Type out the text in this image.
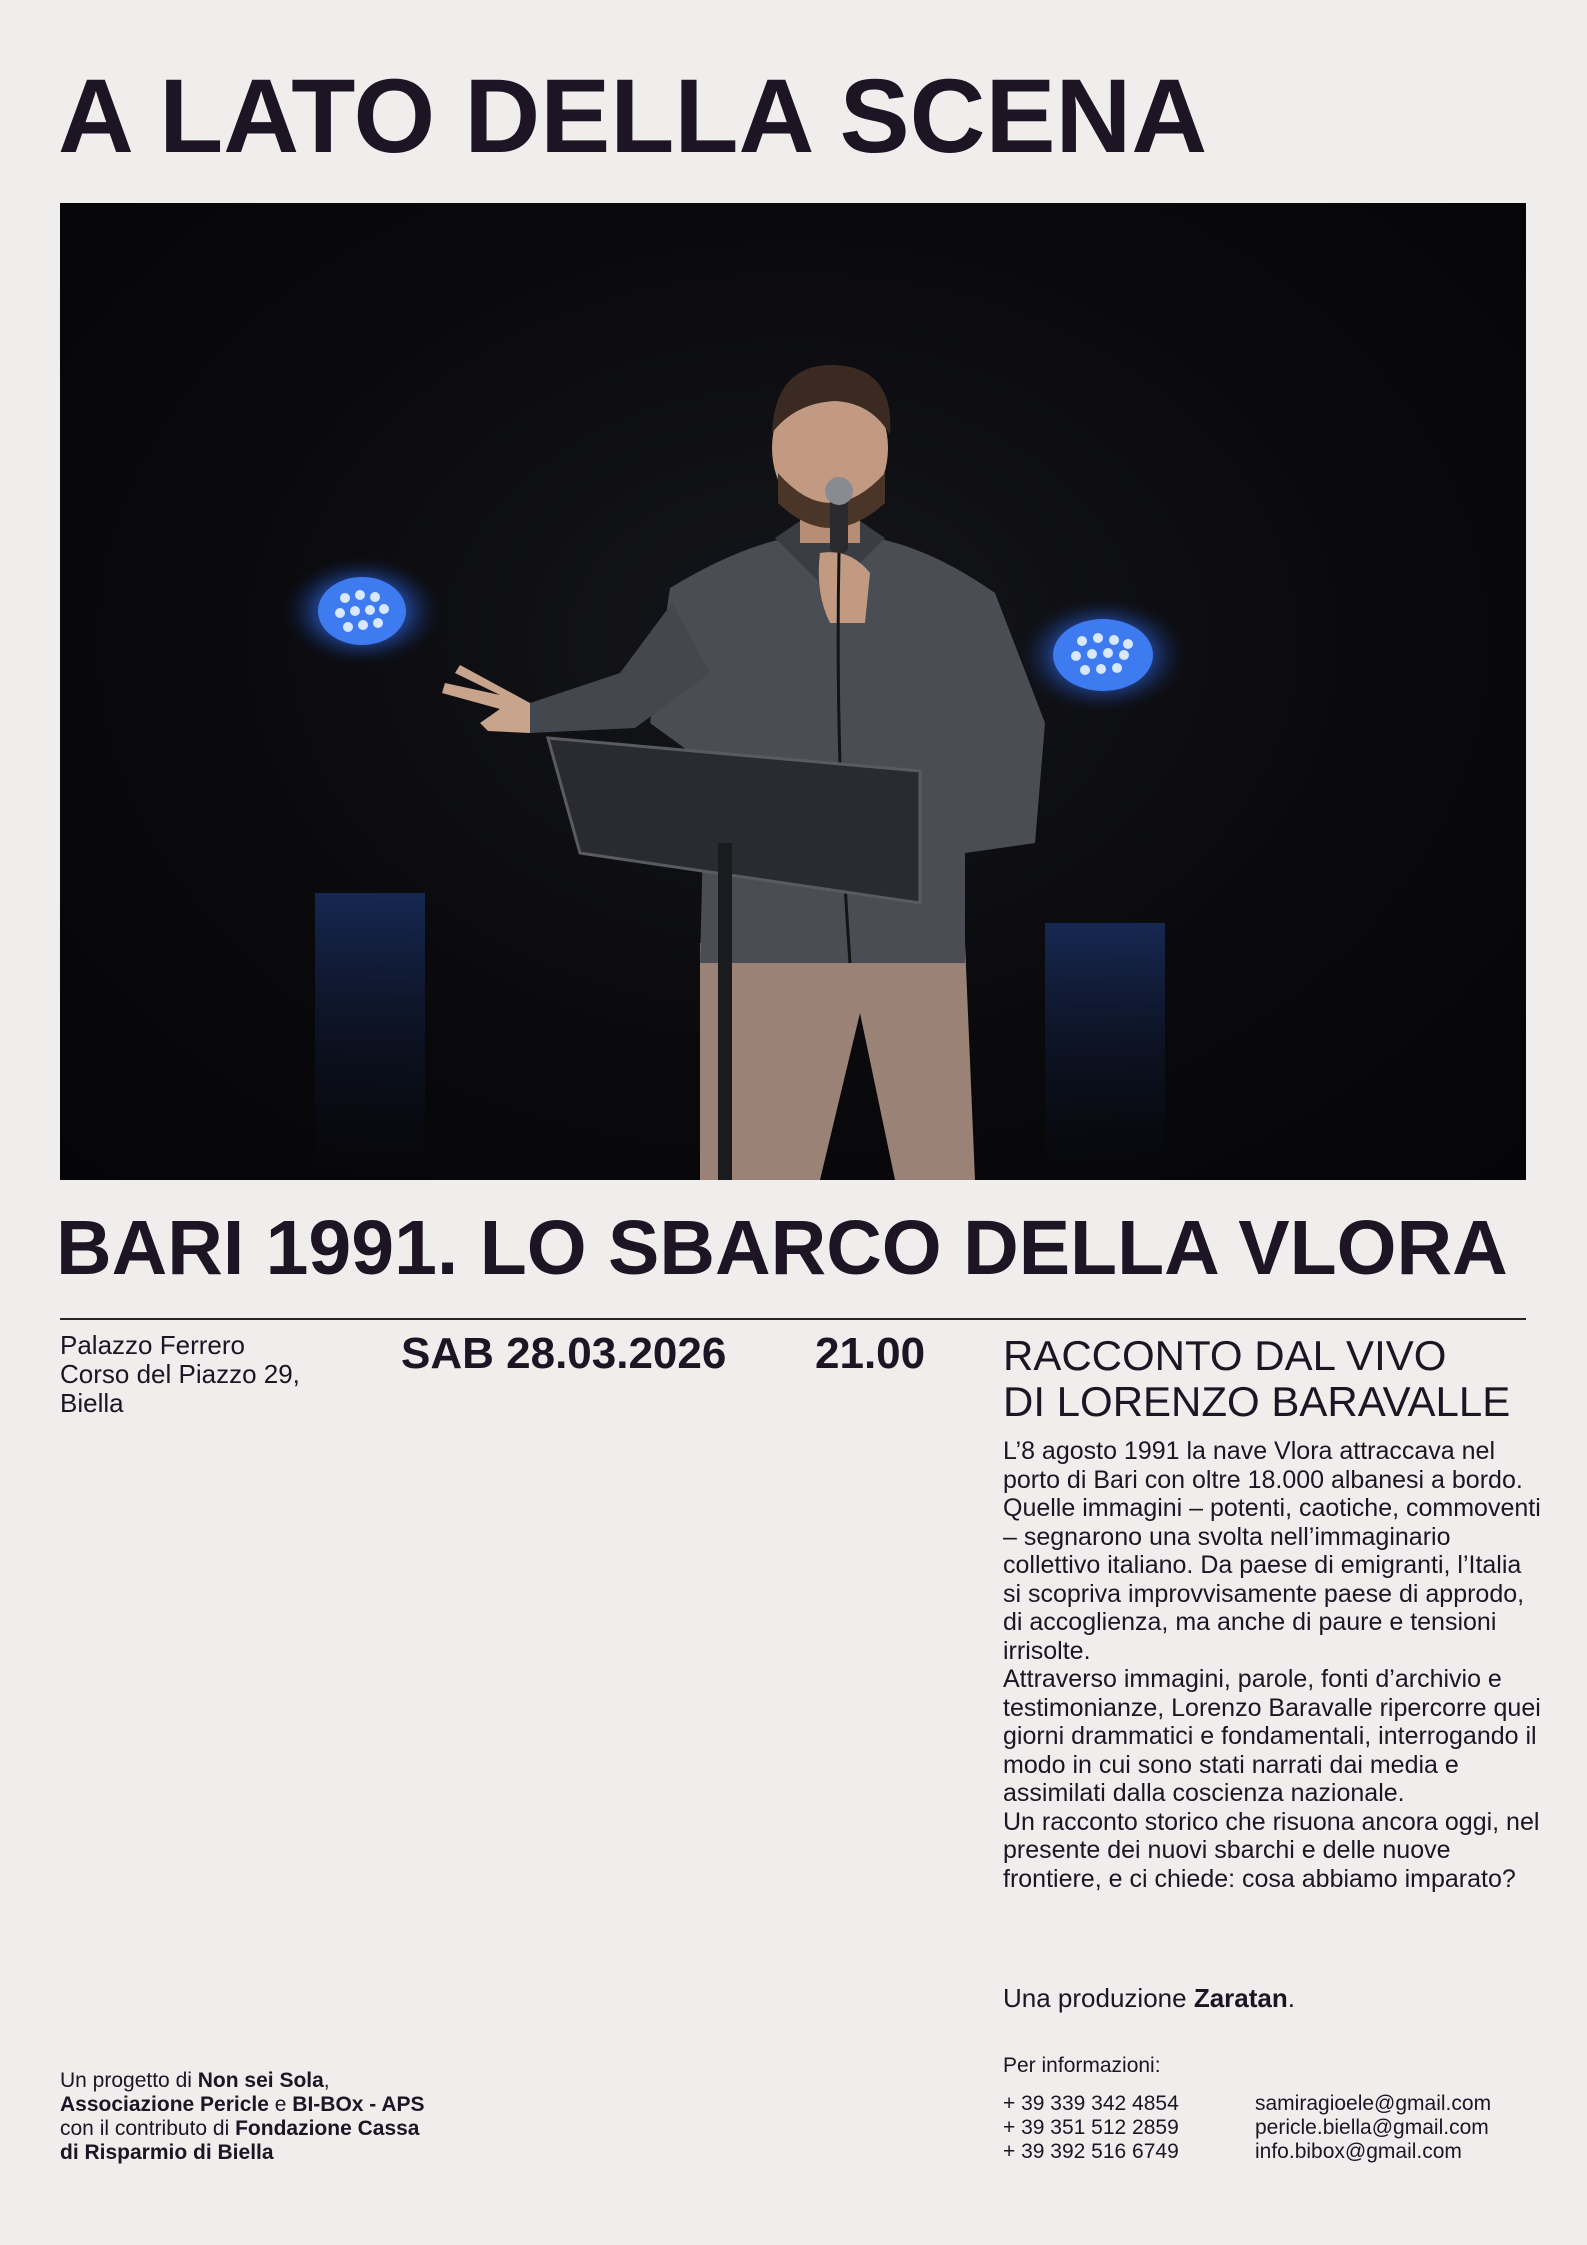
A LATO DELLA SCENA
BARI 1991. LO SBARCO DELLA VLORA
Palazzo Ferrero
Corso del Piazzo 29,
Biella
SAB 28.03.2026 21.00 RACCONTO DAL VIVO
DI LORENZO BARAVALLE

L’8 agosto 1991 la nave Vlora attraccava nel porto di Bari con oltre 18.000 albanesi a bordo. Quelle immagini – potenti, caotiche, commoventi – segnarono una svolta nell’immaginario collettivo italiano. Da paese di emigranti, l’Italia si scopriva improvvisamente paese di approdo, di accoglienza, ma anche di paure e tensioni irrisolte.

Attraverso immagini, parole, fonti d’archivio e testimonianze, Lorenzo Baravalle ripercorre quei giorni drammatici e fondamentali, interrogando il modo in cui sono stati narrati dai media e assimilati dalla coscienza nazionale.

Un racconto storico che risuona ancora oggi, nel presente dei nuovi sbarchi e delle nuove frontiere, e ci chiede: cosa abbiamo imparato?

Una produzione Zaratan.
Un progetto di Non sei Sola,
Associazione Pericle e BI-BOx - APS
con il contributo di Fondazione Cassa
di Risparmio di Biella
Per informazioni:
+ 39 339 342 4854
+ 39 351 512 2859
+ 39 392 516 6749
samiragioele@gmail.com
pericle.biella@gmail.com
info.bibox@gmail.com
